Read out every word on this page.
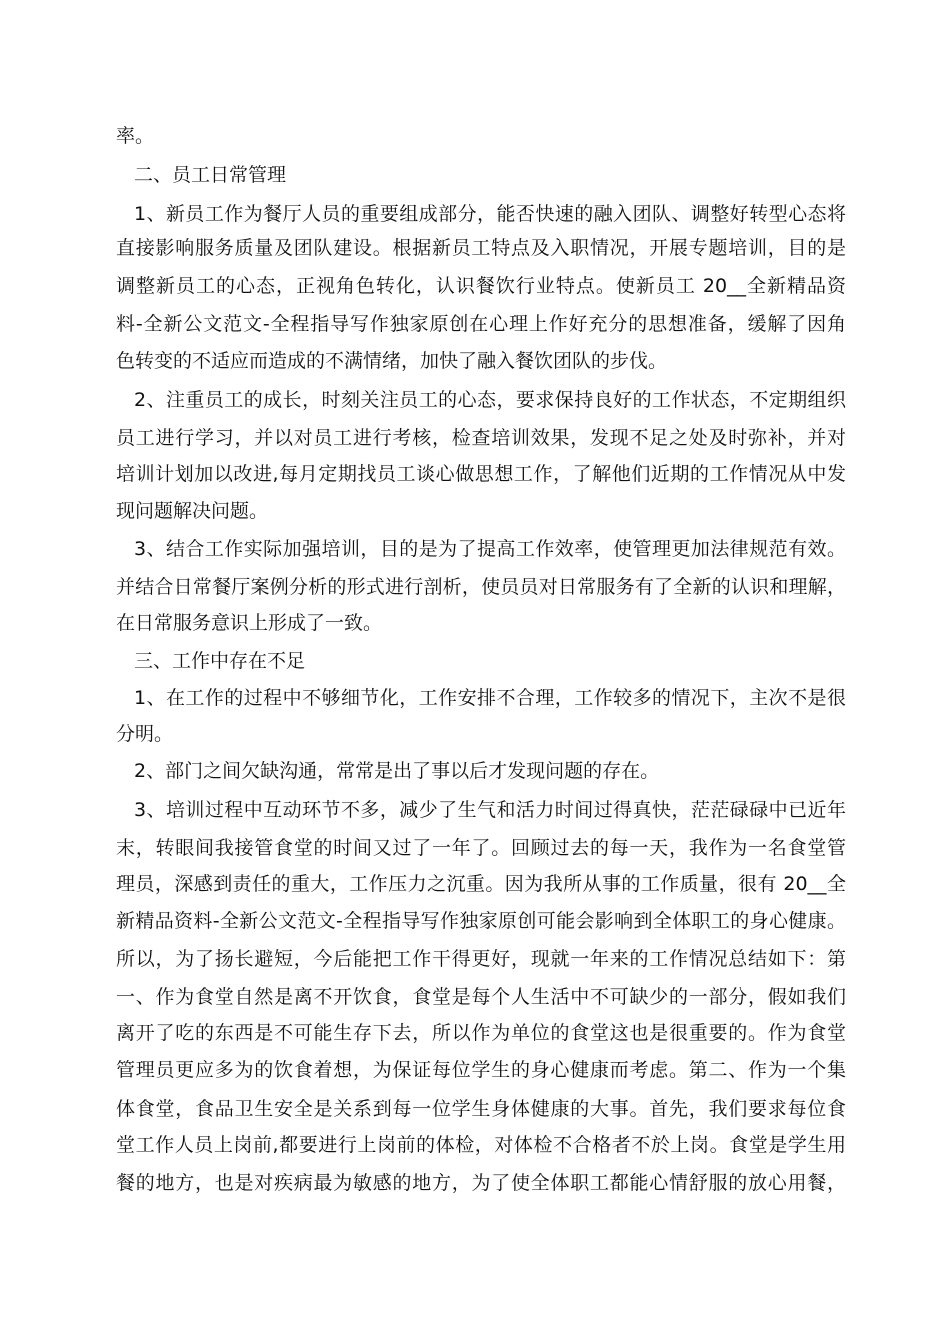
率。
二、员工日常管理
1、新员工作为餐厅人员的重要组成部分，能否快速的融入团队、调整好转型心态将
直接影响服务质量及团队建设。根据新员工特点及入职情况，开展专题培训，目的是
调整新员工的心态，正视角色转化，认识餐饮行业特点。使新员工 20__全新精品资
料-全新公文范文-全程指导写作独家原创在心理上作好充分的思想准备，缓解了因角
色转变的不适应而造成的不满情绪，加快了融入餐饮团队的步伐。
2、注重员工的成长，时刻关注员工的心态，要求保持良好的工作状态，不定期组织
员工进行学习，并以对员工进行考核，检查培训效果，发现不足之处及时弥补，并对
培训计划加以改进,每月定期找员工谈心做思想工作，了解他们近期的工作情况从中发
现问题解决问题。
3、结合工作实际加强培训，目的是为了提高工作效率，使管理更加法律规范有效。
并结合日常餐厅案例分析的形式进行剖析，使员员对日常服务有了全新的认识和理解，
在日常服务意识上形成了一致。
三、工作中存在不足
1、在工作的过程中不够细节化，工作安排不合理，工作较多的情况下，主次不是很
分明。
2、部门之间欠缺沟通，常常是出了事以后才发现问题的存在。
3、培训过程中互动环节不多，减少了生气和活力时间过得真快，茫茫碌碌中已近年
末，转眼间我接管食堂的时间又过了一年了。回顾过去的每一天，我作为一名食堂管
理员，深感到责任的重大，工作压力之沉重。因为我所从事的工作质量，很有 20__全
新精品资料-全新公文范文-全程指导写作独家原创可能会影响到全体职工的身心健康。
所以，为了扬长避短，今后能把工作干得更好，现就一年来的工作情况总结如下：第
一、作为食堂自然是离不开饮食，食堂是每个人生活中不可缺少的一部分，假如我们
离开了吃的东西是不可能生存下去，所以作为单位的食堂这也是很重要的。作为食堂
管理员更应多为的饮食着想，为保证每位学生的身心健康而考虑。第二、作为一个集
体食堂，食品卫生安全是关系到每一位学生身体健康的大事。首先，我们要求每位食
堂工作人员上岗前,都要进行上岗前的体检，对体检不合格者不於上岗。食堂是学生用
餐的地方，也是对疾病最为敏感的地方，为了使全体职工都能心情舒服的放心用餐，
